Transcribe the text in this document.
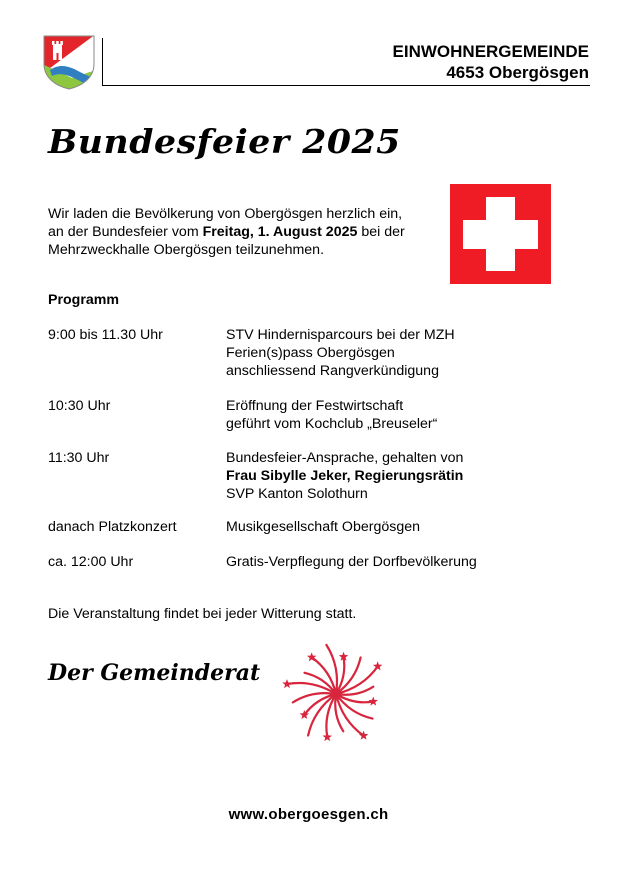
EINWOHNERGEMEINDE
4653 Obergösgen
Bundesfeier 2025
Wir laden die Bevölkerung von Obergösgen herzlich ein,
an der Bundesfeier vom Freitag, 1. August 2025 bei der
Mehrzweckhalle Obergösgen teilzunehmen.
Programm
9:00 bis 11.30 Uhr	STV Hindernisparcours bei der MZH
Ferien(s)pass Obergösgen
anschliessend Rangverkündigung
10:30 Uhr	Eröffnung der Festwirtschaft
geführt vom Kochclub „Breuseler“
11:30 Uhr	Bundesfeier-Ansprache, gehalten von
Frau Sibylle Jeker, Regierungsrätin
SVP Kanton Solothurn
danach Platzkonzert	Musikgesellschaft Obergösgen
ca. 12:00 Uhr	Gratis-Verpflegung der Dorfbevölkerung
Die Veranstaltung findet bei jeder Witterung statt.
Der Gemeinderat
www.obergoesgen.ch
